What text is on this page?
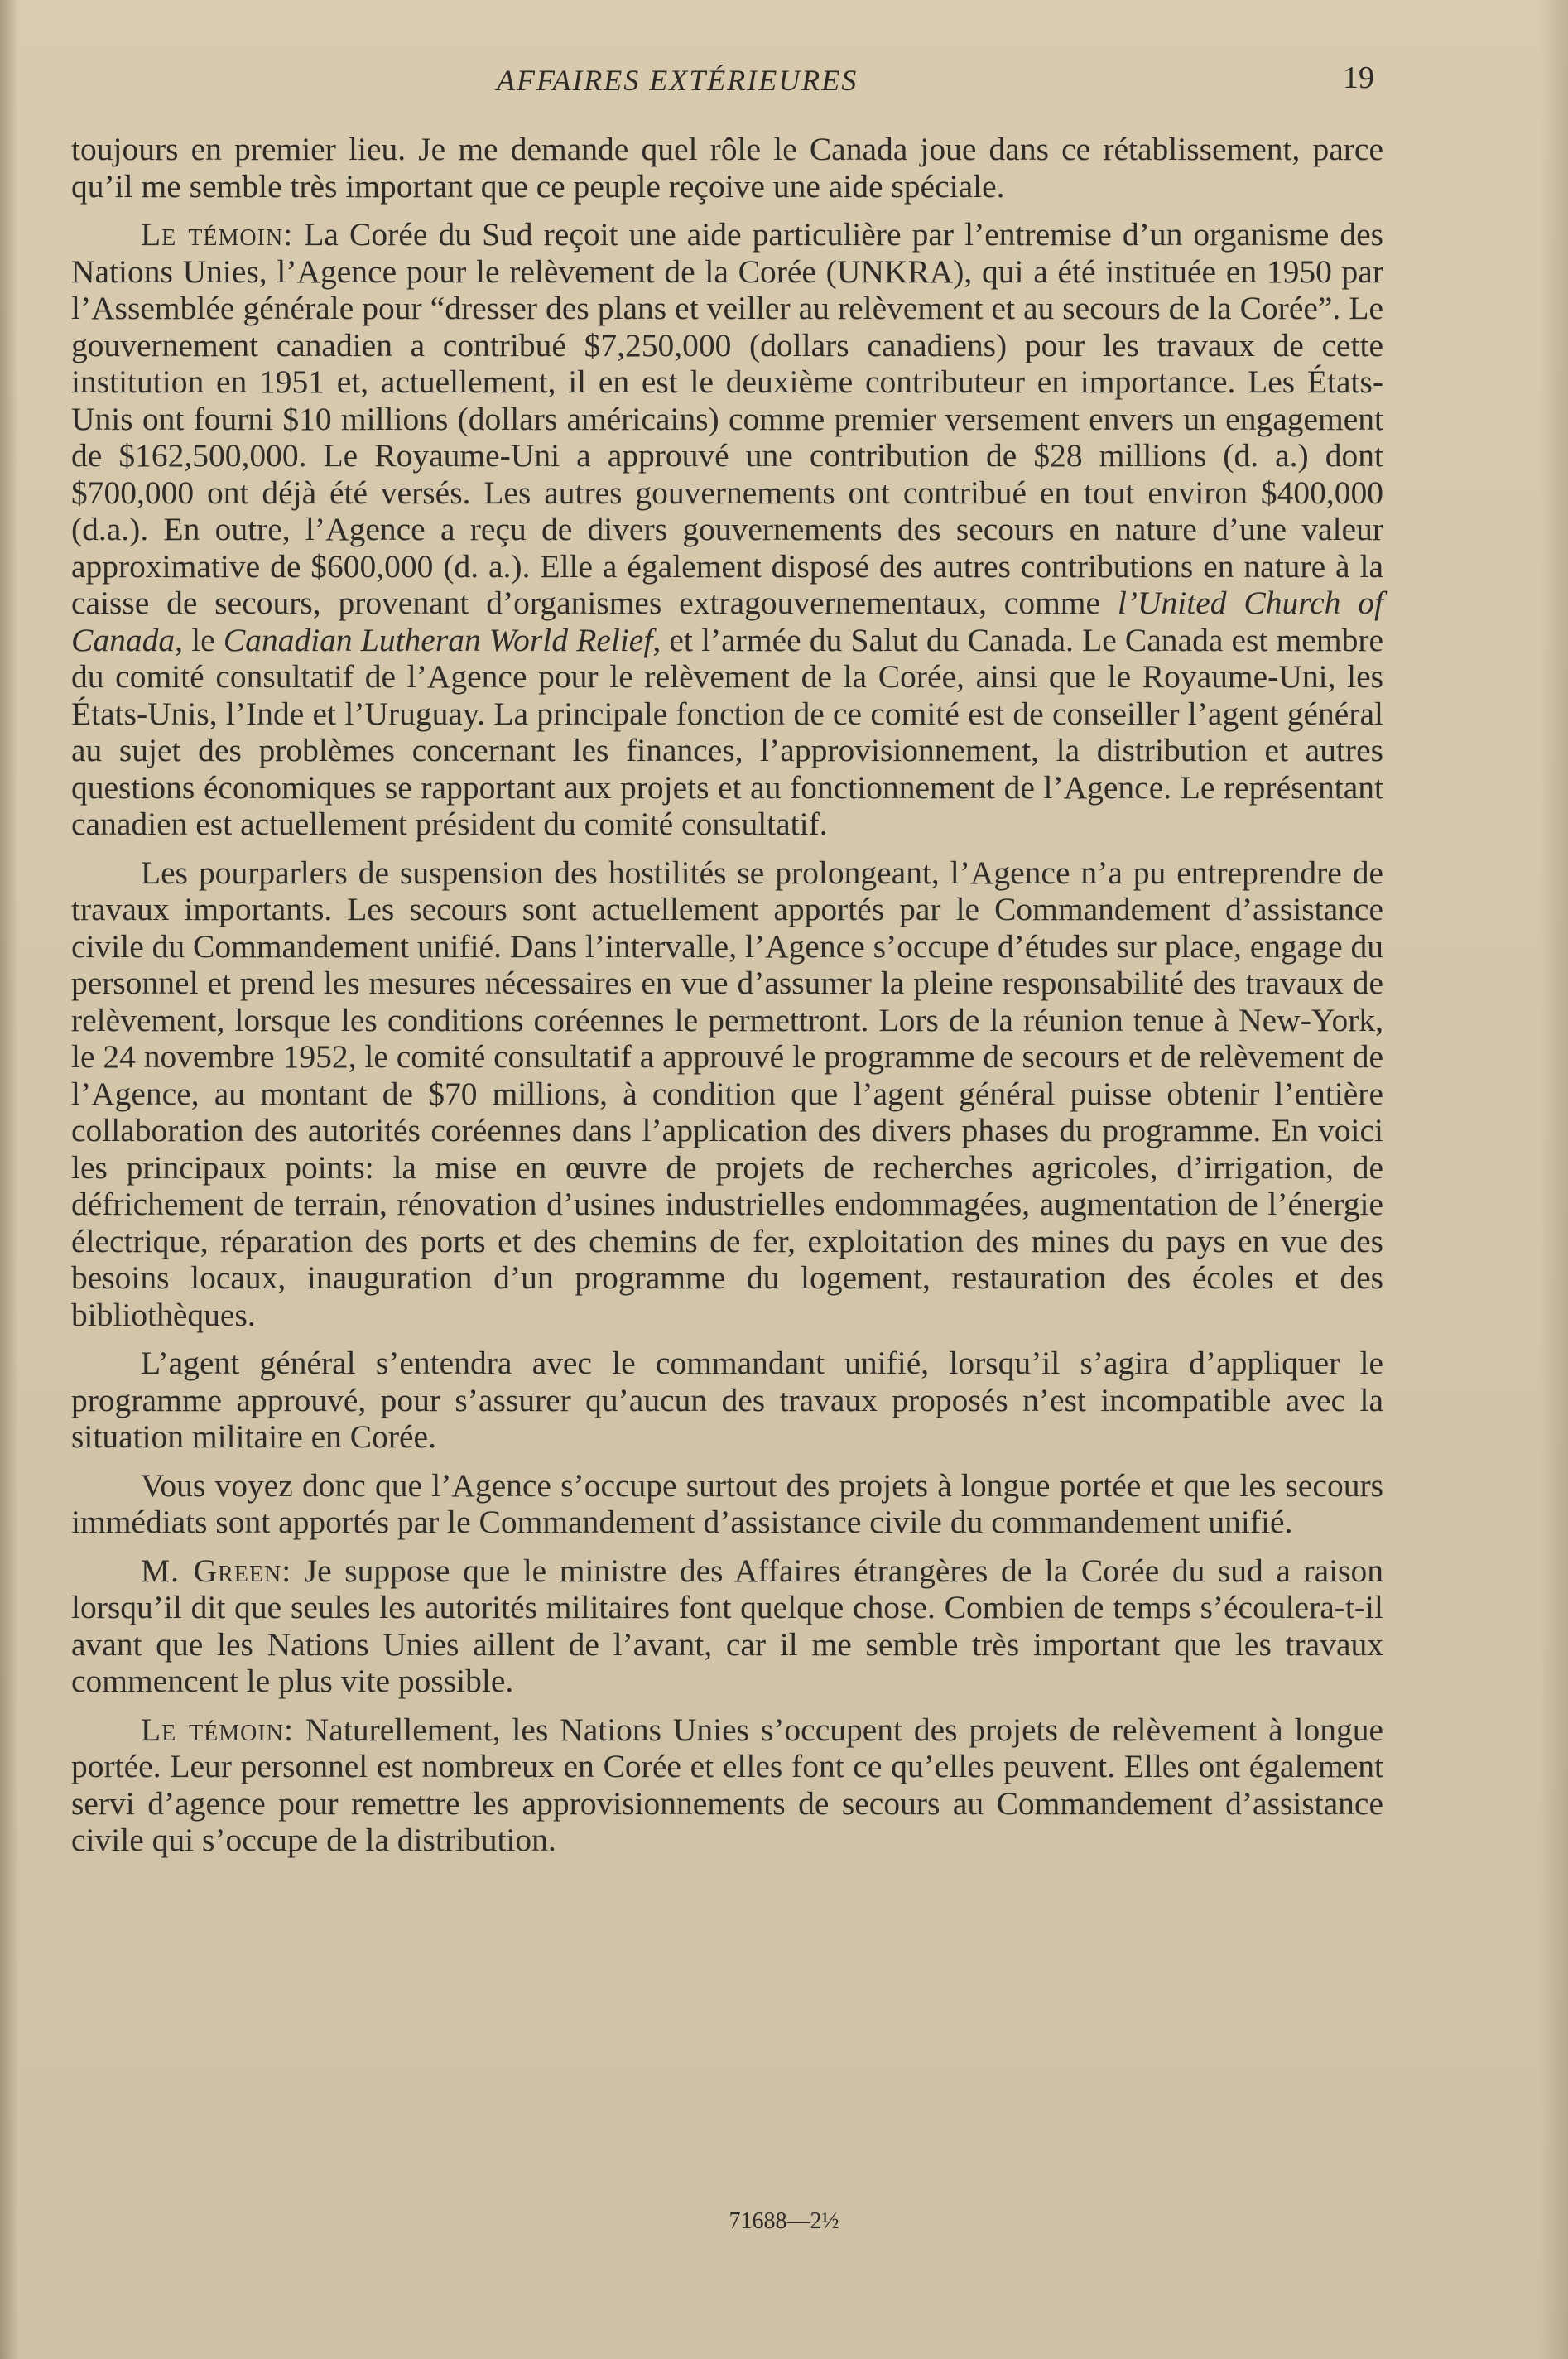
AFFAIRES EXTÉRIEURES	19

toujours en premier lieu. Je me demande quel rôle le Canada joue dans ce rétablissement, parce qu’il me semble très important que ce peuple reçoive une aide spéciale.

Le témoin: La Corée du Sud reçoit une aide particulière par l’entremise d’un organisme des Nations Unies, l’Agence pour le relèvement de la Corée (UNKRA), qui a été instituée en 1950 par l’Assemblée générale pour “dresser des plans et veiller au relèvement et au secours de la Corée”. Le gouvernement canadien a contribué $7,250,000 (dollars canadiens) pour les travaux de cette institution en 1951 et, actuellement, il en est le deuxième contributeur en importance. Les États-Unis ont fourni $10 millions (dollars américains) comme premier versement envers un engagement de $162,500,000. Le Royaume-Uni a approuvé une contribution de $28 millions (d. a.) dont $700,000 ont déjà été versés. Les autres gouvernements ont contribué en tout environ $400,000 (d.a.). En outre, l’Agence a reçu de divers gouvernements des secours en nature d’une valeur approximative de $600,000 (d. a.). Elle a également disposé des autres contributions en nature à la caisse de secours, provenant d’organismes extragouvernementaux, comme l’United Church of Canada, le Canadian Lutheran World Relief, et l’armée du Salut du Canada. Le Canada est membre du comité consultatif de l’Agence pour le relèvement de la Corée, ainsi que le Royaume-Uni, les États-Unis, l’Inde et l’Uruguay. La principale fonction de ce comité est de conseiller l’agent général au sujet des problèmes concernant les finances, l’approvisionnement, la distribution et autres questions économiques se rapportant aux projets et au fonctionnement de l’Agence. Le représentant canadien est actuellement président du comité consultatif.

Les pourparlers de suspension des hostilités se prolongeant, l’Agence n’a pu entreprendre de travaux importants. Les secours sont actuellement apportés par le Commandement d’assistance civile du Commandement unifié. Dans l’intervalle, l’Agence s’occupe d’études sur place, engage du personnel et prend les mesures nécessaires en vue d’assumer la pleine responsabilité des travaux de relèvement, lorsque les conditions coréennes le permettront. Lors de la réunion tenue à New-York, le 24 novembre 1952, le comité consultatif a approuvé le programme de secours et de relèvement de l’Agence, au montant de $70 millions, à condition que l’agent général puisse obtenir l’entière collaboration des autorités coréennes dans l’application des divers phases du programme. En voici les principaux points: la mise en œuvre de projets de recherches agricoles, d’irrigation, de défrichement de terrain, rénovation d’usines industrielles endommagées, augmentation de l’énergie électrique, réparation des ports et des chemins de fer, exploitation des mines du pays en vue des besoins locaux, inauguration d’un programme du logement, restauration des écoles et des bibliothèques.

L’agent général s’entendra avec le commandant unifié, lorsqu’il s’agira d’appliquer le programme approuvé, pour s’assurer qu’aucun des travaux proposés n’est incompatible avec la situation militaire en Corée.

Vous voyez donc que l’Agence s’occupe surtout des projets à longue portée et que les secours immédiats sont apportés par le Commandement d’assistance civile du commandement unifié.

M. Green: Je suppose que le ministre des Affaires étrangères de la Corée du sud a raison lorsqu’il dit que seules les autorités militaires font quelque chose. Combien de temps s’écoulera-t-il avant que les Nations Unies aillent de l’avant, car il me semble très important que les travaux commencent le plus vite possible.

Le témoin: Naturellement, les Nations Unies s’occupent des projets de relèvement à longue portée. Leur personnel est nombreux en Corée et elles font ce qu’elles peuvent. Elles ont également servi d’agence pour remettre les approvisionnements de secours au Commandement d’assistance civile qui s’occupe de la distribution.

71688—2½
